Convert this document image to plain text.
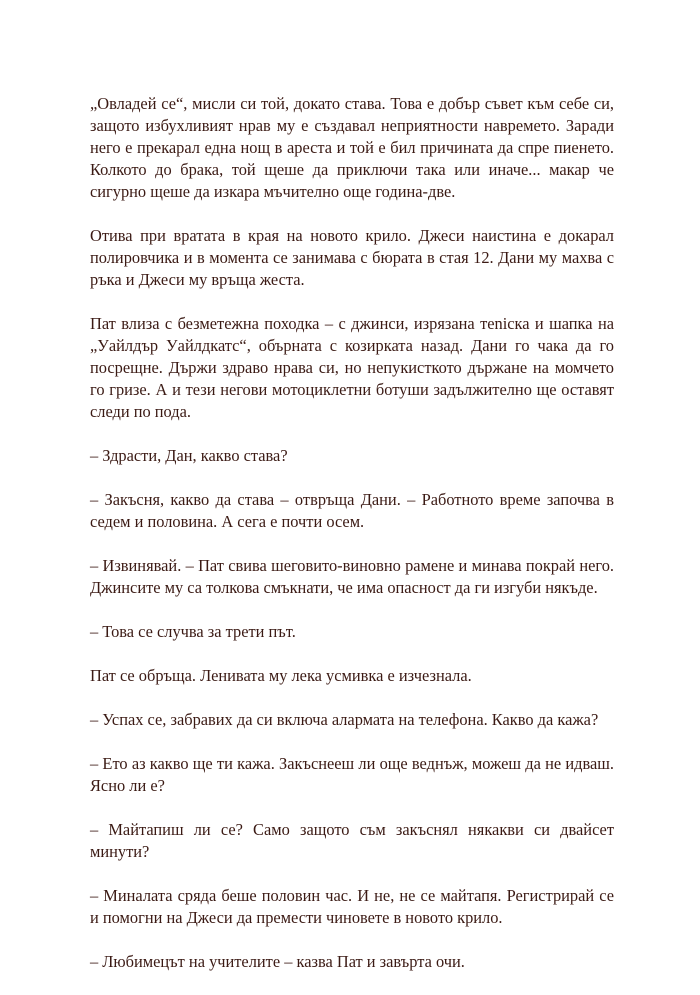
„Овладей се“, мисли си той, докато става. Това е добър съвет към себе си, защото избухливият нрав му е създавал неприятности навремето. Заради него е прекарал една нощ в ареста и той е бил причината да спре пиенето. Колкото до брака, той щеше да приключи така или иначе... макар че сигурно щеше да изкара мъчително още година-две.

Отива при вратата в края на новото крило. Джеси наистина е докарал полировчика и в момента се занимава с бюрата в стая 12. Дани му махва с ръка и Джеси му връща жеста.

Пат влиза с безметежна походка – с джинси, изрязана теniска и шапка на „Уайлдър Уайлдкатс“, обърната с козирката назад. Дани го чака да го посрещне. Държи здраво нрава си, но непукисткото държане на момчето го гризе. А и тези негови мотоциклетни ботуши задължително ще оставят следи по пода.

– Здрасти, Дан, какво става?

– Закъсня, какво да става – отвръща Дани. – Работното време започва в седем и половина. А сега е почти осем.

– Извинявай. – Пат свива шеговито-виновно рамене и минава покрай него. Джинсите му са толкова смъкнати, че има опасност да ги изгуби някъде.

– Това се случва за трети път.

Пат се обръща. Лениватa му лека усмивка е изчезнала.

– Успах се, забравих да си включа алармата на телефона. Какво да кажа?

– Ето аз какво ще ти кажа. Закъснееш ли още веднъж, можеш да не идваш. Ясно ли е?

– Майтапиш ли се? Само защото съм закъснял някакви си двайсет минути?

– Миналата сряда беше половин час. И не, не се майтапя. Регистрирай се и помогни на Джеси да премести чиновете в новото крило.

– Любимецът на учителите – казва Пат и завърта очи.
